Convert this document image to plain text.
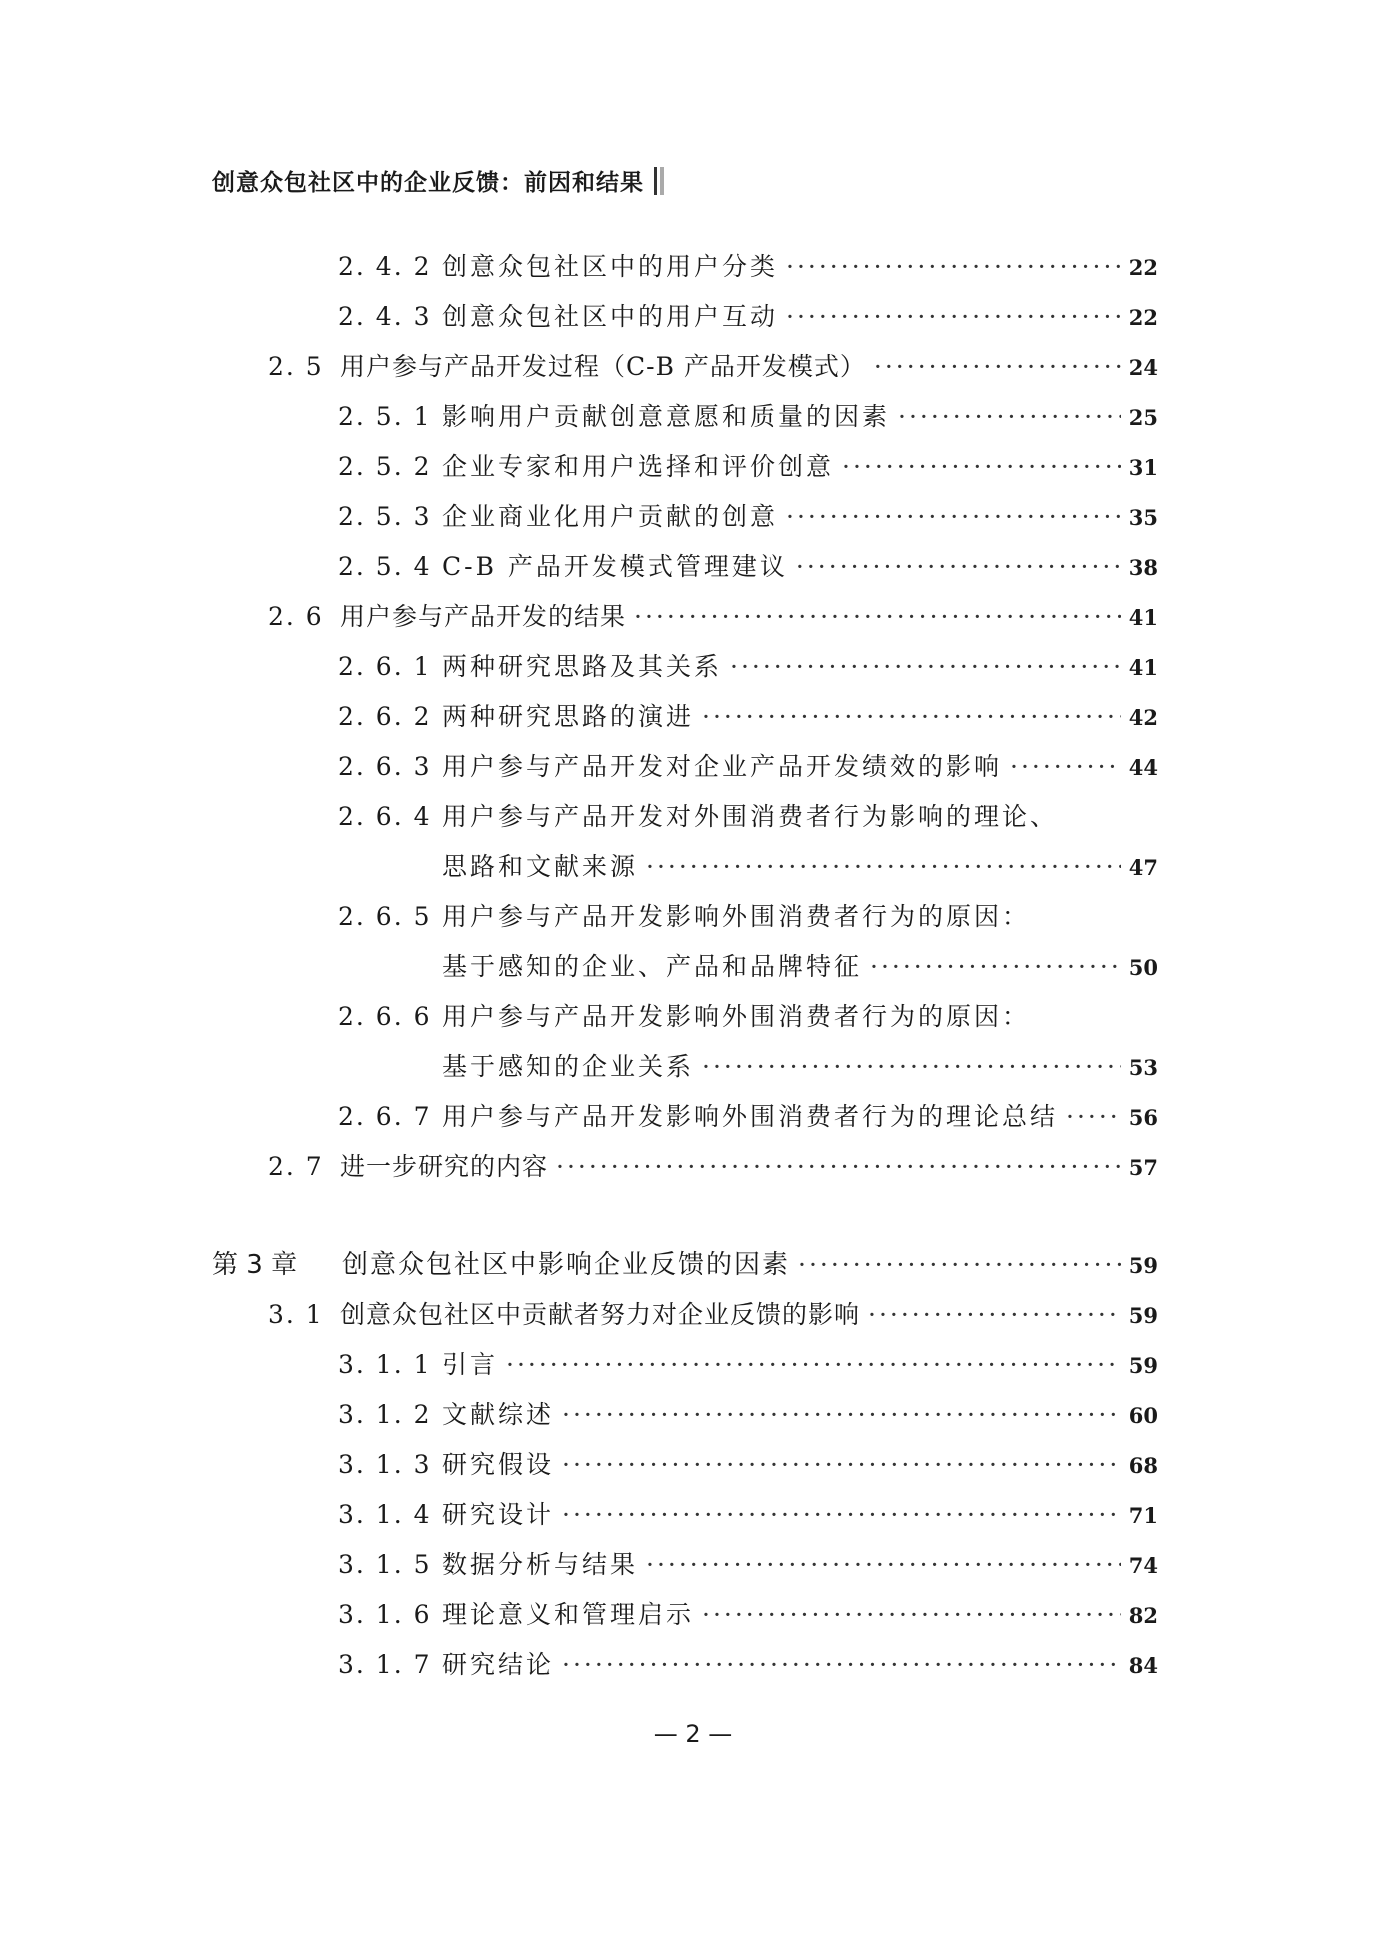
创意众包社区中的企业反馈：前因和结果
2. 4. 2 创意众包社区中的用户分类 ·····	22
2. 4. 3 创意众包社区中的用户互动 ·····	22
2. 5 用户参与产品开发过程（C-B 产品开发模式） ·····	24
2. 5. 1 影响用户贡献创意意愿和质量的因素 ·····	25
2. 5. 2 企业专家和用户选择和评价创意 ·····	31
2. 5. 3 企业商业化用户贡献的创意 ·····	35
2. 5. 4 C-B 产品开发模式管理建议 ·····	38
2. 6 用户参与产品开发的结果 ·····	41
2. 6. 1 两种研究思路及其关系 ·····	41
2. 6. 2 两种研究思路的演进 ·····	42
2. 6. 3 用户参与产品开发对企业产品开发绩效的影响 ·····	44
2. 6. 4 用户参与产品开发对外围消费者行为影响的理论、
思路和文献来源 ·····	47
2. 6. 5 用户参与产品开发影响外围消费者行为的原因：
基于感知的企业、产品和品牌特征 ·····	50
2. 6. 6 用户参与产品开发影响外围消费者行为的原因：
基于感知的企业关系 ·····	53
2. 6. 7 用户参与产品开发影响外围消费者行为的理论总结 ·····	56
2. 7 进一步研究的内容 ·····	57
第 3 章	创意众包社区中影响企业反馈的因素 ·····	59
3. 1 创意众包社区中贡献者努力对企业反馈的影响 ·····	59
3. 1. 1 引言 ·····	59
3. 1. 2 文献综述 ·····	60
3. 1. 3 研究假设 ·····	68
3. 1. 4 研究设计 ·····	71
3. 1. 5 数据分析与结果 ·····	74
3. 1. 6 理论意义和管理启示 ·····	82
3. 1. 7 研究结论 ·····	84
— 2 —
